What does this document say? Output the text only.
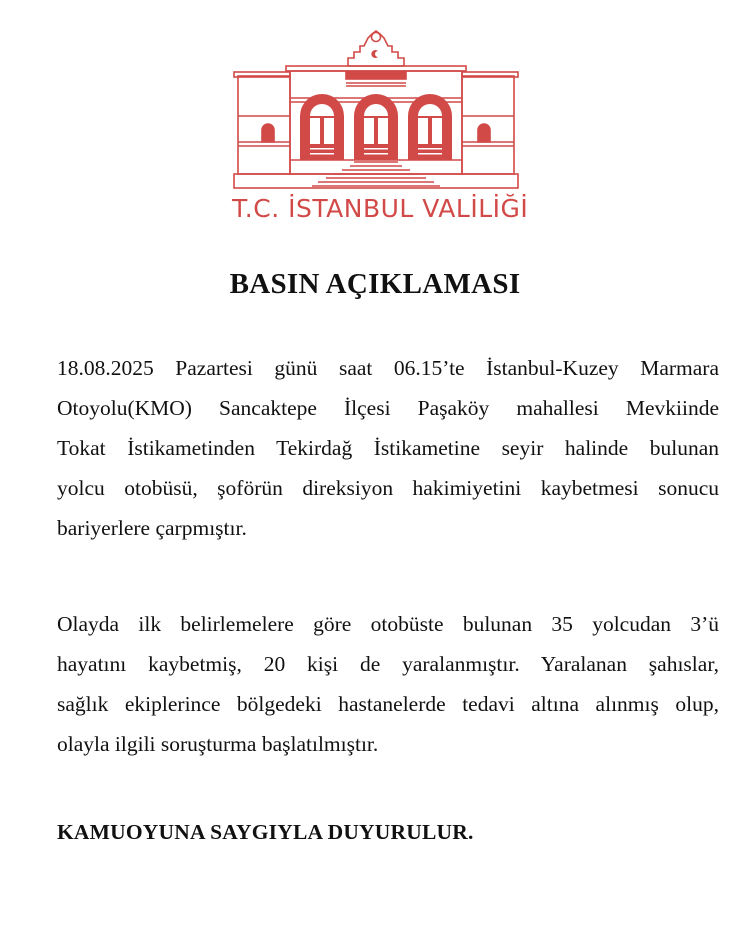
T.C. İSTANBUL VALİLİĞİ
BASIN AÇIKLAMASI
18.08.2025 Pazartesi günü saat 06.15’te İstanbul-Kuzey Marmara
Otoyolu(KMO) Sancaktepe İlçesi Paşaköy mahallesi Mevkiinde
Tokat İstikametinden Tekirdağ İstikametine seyir halinde bulunan
yolcu otobüsü, şoförün direksiyon hakimiyetini kaybetmesi sonucu
bariyerlere çarpmıştır.
Olayda ilk belirlemelere göre otobüste bulunan 35 yolcudan 3’ü
hayatını kaybetmiş, 20 kişi de yaralanmıştır. Yaralanan şahıslar,
sağlık ekiplerince bölgedeki hastanelerde tedavi altına alınmış olup,
olayla ilgili soruşturma başlatılmıştır.
KAMUOYUNA SAYGIYLA DUYURULUR.
